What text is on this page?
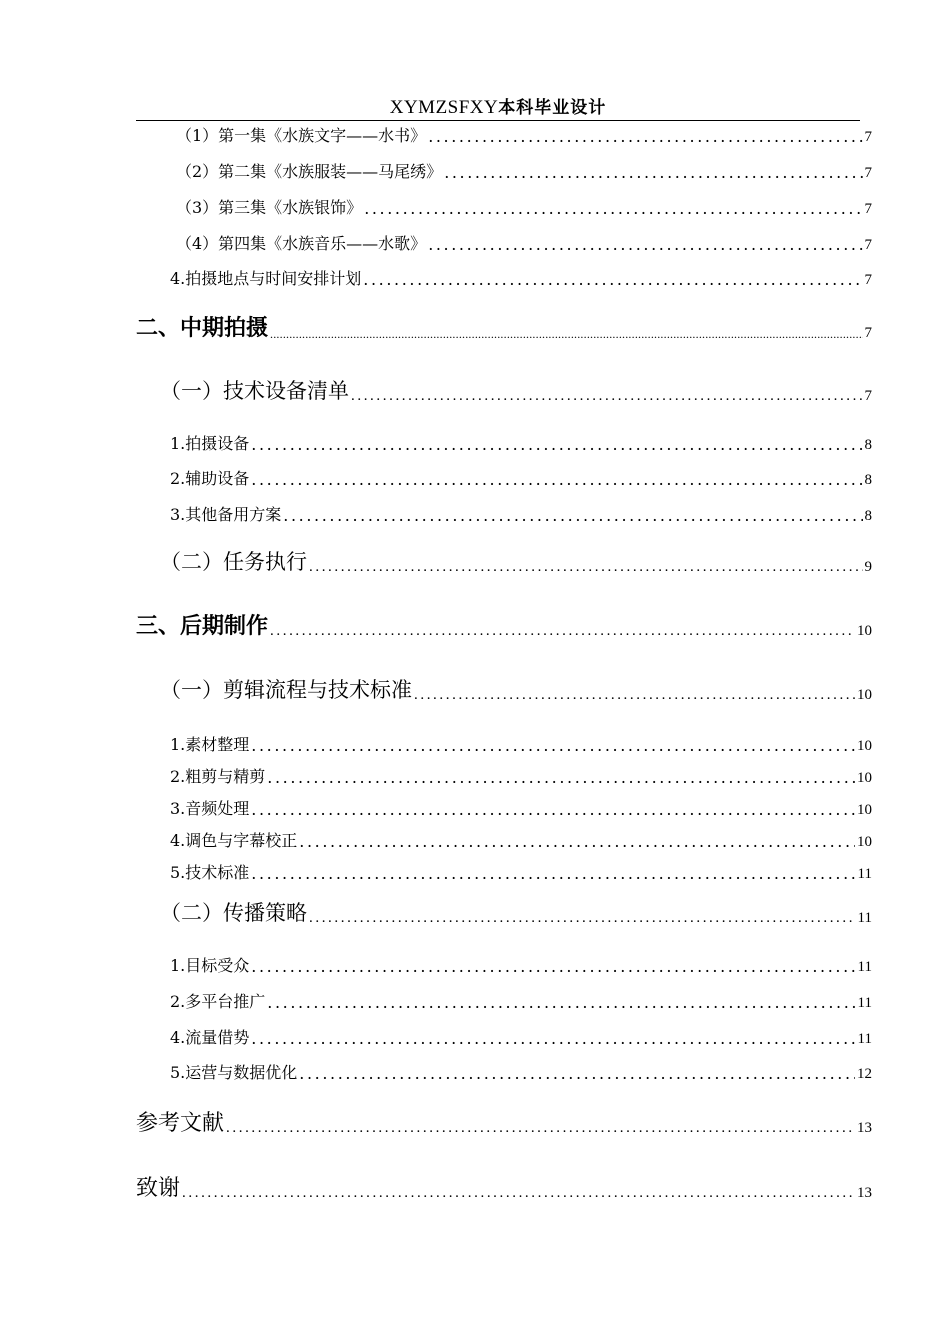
XYMZSFXY本科毕业设计
（1）第一集《水族文字——水书》 .....	7
（2）第二集《水族服装——马尾绣》 .....	7
（3）第三集《水族银饰》 .....	7
（4）第四集《水族音乐——水歌》 .....	7
4.拍摄地点与时间安排计划 .....	7
二、中期拍摄 .....	7
（一）技术设备清单 .....	7
1.拍摄设备 .....	8
2.辅助设备 .....	8
3.其他备用方案 .....	8
（二）任务执行 .....	9
三、后期制作 .....	10
（一）剪辑流程与技术标准 .....	10
1.素材整理 .....	10
2.粗剪与精剪 .....	10
3.音频处理 .....	10
4.调色与字幕校正 .....	10
5.技术标准 .....	11
（二）传播策略 .....	11
1.目标受众 .....	11
2.多平台推广 .....	11
4.流量借势 .....	11
5.运营与数据优化 .....	12
参考文献 .....	13
致谢 .....	13
